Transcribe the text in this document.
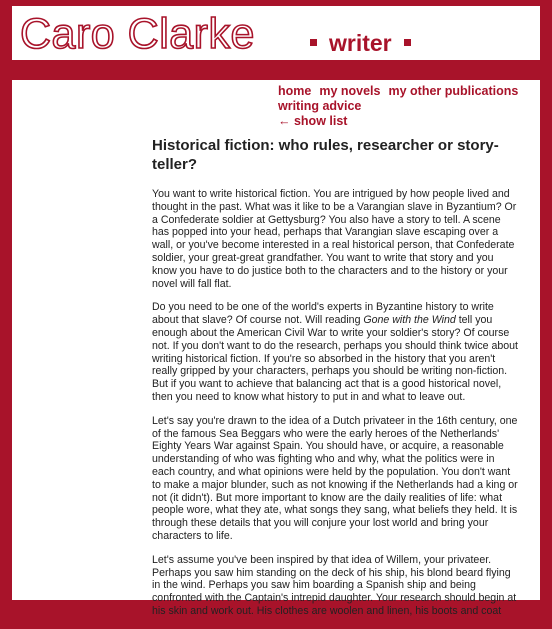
Caro Clarke	writer
home my novels my other publications
writing advice
← show list
Historical fiction: who rules, researcher or story-teller?

You want to write historical fiction. You are intrigued by how people lived and thought in the past. What was it like to be a Varangian slave in Byzantium? Or a Confederate soldier at Gettysburg? You also have a story to tell. A scene has popped into your head, perhaps that Varangian slave escaping over a wall, or you've become interested in a real historical person, that Confederate soldier, your great-great grandfather. You want to write that story and you know you have to do justice both to the characters and to the history or your novel will fall flat.

Do you need to be one of the world's experts in Byzantine history to write about that slave? Of course not. Will reading Gone with the Wind tell you enough about the American Civil War to write your soldier's story? Of course not. If you don't want to do the research, perhaps you should think twice about writing historical fiction. If you're so absorbed in the history that you aren't really gripped by your characters, perhaps you should be writing non-fiction. But if you want to achieve that balancing act that is a good historical novel, then you need to know what history to put in and what to leave out.

Let's say you're drawn to the idea of a Dutch privateer in the 16th century, one of the famous Sea Beggars who were the early heroes of the Netherlands' Eighty Years War against Spain. You should have, or acquire, a reasonable understanding of who was fighting who and why, what the politics were in each country, and what opinions were held by the population. You don't want to make a major blunder, such as not knowing if the Netherlands had a king or not (it didn't). But more important to know are the daily realities of life: what people wore, what they ate, what songs they sang, what beliefs they held. It is through these details that you will conjure your lost world and bring your characters to life.

Let's assume you've been inspired by that idea of Willem, your privateer. Perhaps you saw him standing on the deck of his ship, his blond beard flying in the wind. Perhaps you saw him boarding a Spanish ship and being confronted with the Captain's intrepid daughter. Your research should begin at his skin and work out. His clothes are woolen and linen, his boots and coat
